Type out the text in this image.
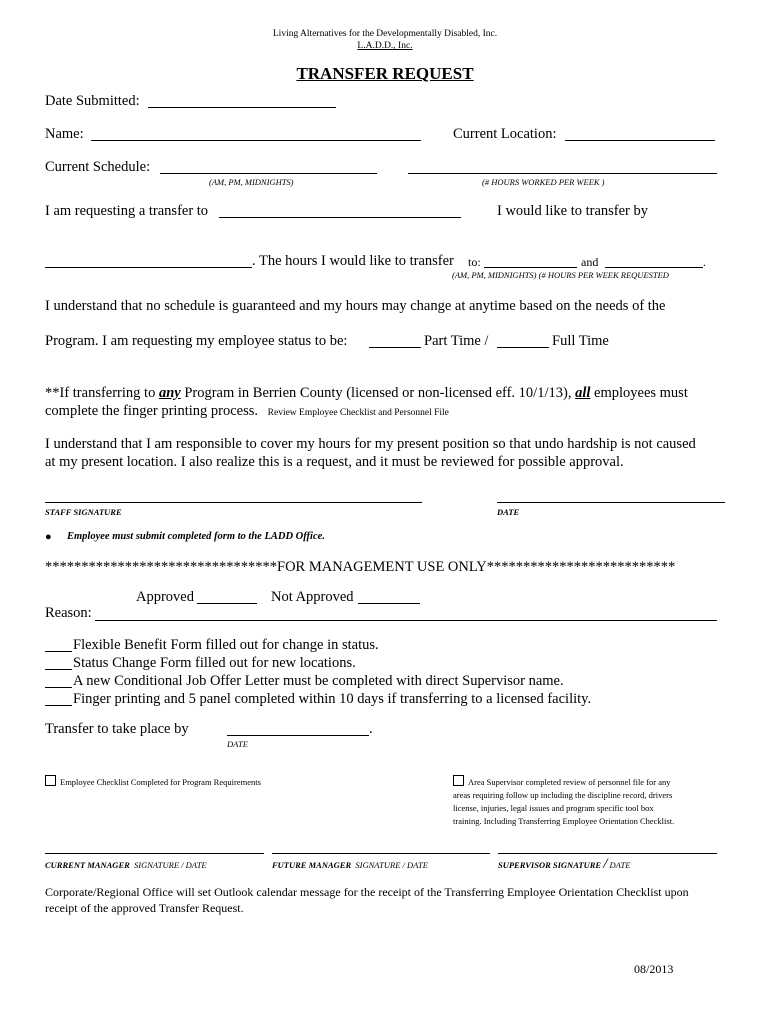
Living Alternatives for the Developmentally Disabled, Inc.
L.A.D.D., Inc.
TRANSFER REQUEST
Date Submitted:
Name:	Current Location:
Current Schedule:
(AM, PM, MIDNIGHTS)	(# HOURS WORKED PER WEEK )
I am requesting a transfer to	I would like to transfer by
. The hours I would like to transfer to:	and	.
(AM, PM, MIDNIGHTS) (# HOURS PER WEEK REQUESTED
I understand that no schedule is guaranteed and my hours may change at anytime based on the needs of the
Program. I am requesting my employee status to be:	Part Time /	Full Time
**If transferring to any Program in Berrien County (licensed or non-licensed eff. 10/1/13), all employees must
complete the finger printing process. Review Employee Checklist and Personnel File
I understand that I am responsible to cover my hours for my present position so that undo hardship is not caused
at my present location. I also realize this is a request, and it must be reviewed for possible approval.
STAFF SIGNATURE	DATE
● Employee must submit completed form to the LADD Office.
********************************FOR MANAGEMENT USE ONLY**************************
Approved	Not Approved
Reason:
Flexible Benefit Form filled out for change in status.
Status Change Form filled out for new locations.
A new Conditional Job Offer Letter must be completed with direct Supervisor name.
Finger printing and 5 panel completed within 10 days if transferring to a licensed facility.
Transfer to take place by	.
DATE
Employee Checklist Completed for Program Requirements	Area Supervisor completed review of personnel file for any
areas requiring follow up including the discipline record, drivers
license, injuries, legal issues and program specific tool box
training. Including Transferring Employee Orientation Checklist.
CURRENT MANAGER SIGNATURE / DATE	FUTURE MANAGER SIGNATURE / DATE	SUPERVISOR SIGNATURE / DATE
Corporate/Regional Office will set Outlook calendar message for the receipt of the Transferring Employee Orientation Checklist upon
receipt of the approved Transfer Request.
08/2013
